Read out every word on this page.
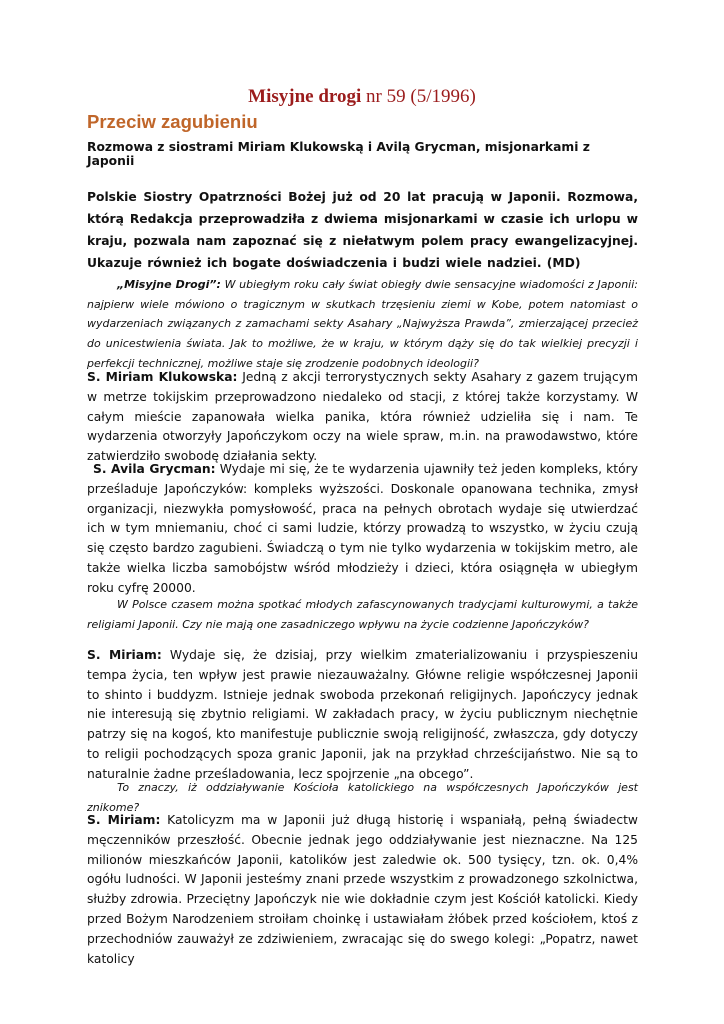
Misyjne drogi nr 59 (5/1996)
Przeciw zagubieniu
Rozmowa z siostrami Miriam Klukowską i Avilą Grycman, misjonarkami z Japonii
Polskie Siostry Opatrzności Bożej już od 20 lat pracują w Japonii. Rozmowa, którą Redakcja przeprowadziła z dwiema misjonarkami w czasie ich urlopu w kraju, pozwala nam zapoznać się z niełatwym polem pracy ewangelizacyjnej. Ukazuje również ich bogate doświadczenia i budzi wiele nadziei. (MD)
„Misyjne Drogi”: W ubiegłym roku cały świat obiegły dwie sensacyjne wiadomości z Japonii: najpierw wiele mówiono o tragicznym w skutkach trzęsieniu ziemi w Kobe, potem natomiast o wydarzeniach związanych z zamachami sekty Asahary „Najwyższa Prawda”, zmierzającej przecież do unicestwienia świata. Jak to możliwe, że w kraju, w którym dąży się do tak wielkiej precyzji i perfekcji technicznej, możliwe staje się zrodzenie podobnych ideologii?
S. Miriam Klukowska: Jedną z akcji terrorystycznych sekty Asahary z gazem trującym w metrze tokijskim przeprowadzono niedaleko od stacji, z której także korzystamy. W całym mieście zapanowała wielka panika, która również udzieliła się i nam. Te wydarzenia otworzyły Japończykom oczy na wiele spraw, m.in. na prawodawstwo, które zatwierdziło swobodę działania sekty.
S. Avila Grycman: Wydaje mi się, że te wydarzenia ujawniły też jeden kompleks, który prześladuje Japończyków: kompleks wyższości. Doskonale opanowana technika, zmysł organizacji, niezwykła pomysłowość, praca na pełnych obrotach wydaje się utwierdzać ich w tym mniemaniu, choć ci sami ludzie, którzy prowadzą to wszystko, w życiu czują się często bardzo zagubieni. Świadczą o tym nie tylko wydarzenia w tokijskim metro, ale także wielka liczba samobójstw wśród młodzieży i dzieci, która osiągnęła w ubiegłym roku cyfrę 20000.
W Polsce czasem można spotkać młodych zafascynowanych tradycjami kulturowymi, a także religiami Japonii. Czy nie mają one zasadniczego wpływu na życie codzienne Japończyków?
S. Miriam: Wydaje się, że dzisiaj, przy wielkim zmaterializowaniu i przyspieszeniu tempa życia, ten wpływ jest prawie niezauważalny. Główne religie współczesnej Japonii to shinto i buddyzm. Istnieje jednak swoboda przekonań religijnych. Japończycy jednak nie interesują się zbytnio religiami. W zakładach pracy, w życiu publicznym niechętnie patrzy się na kogoś, kto manifestuje publicznie swoją religijność, zwłaszcza, gdy dotyczy to religii pochodzących spoza granic Japonii, jak na przykład chrześcijaństwo. Nie są to naturalnie żadne prześladowania, lecz spojrzenie „na obcego”.
To znaczy, iż oddziaływanie Kościoła katolickiego na współczesnych Japończyków jest znikome?
S. Miriam: Katolicyzm ma w Japonii już długą historię i wspaniałą, pełną świadectw męczenników przeszłość. Obecnie jednak jego oddziaływanie jest nieznaczne. Na 125 milionów mieszkańców Japonii, katolików jest zaledwie ok. 500 tysięcy, tzn. ok. 0,4% ogółu ludności. W Japonii jesteśmy znani przede wszystkim z prowadzonego szkolnictwa, służby zdrowia. Przeciętny Japończyk nie wie dokładnie czym jest Kościół katolicki. Kiedy przed Bożym Narodzeniem stroiłam choinkę i ustawiałam żłóbek przed kościołem, ktoś z przechodniów zauważył ze zdziwieniem, zwracając się do swego kolegi: „Popatrz, nawet katolicy
